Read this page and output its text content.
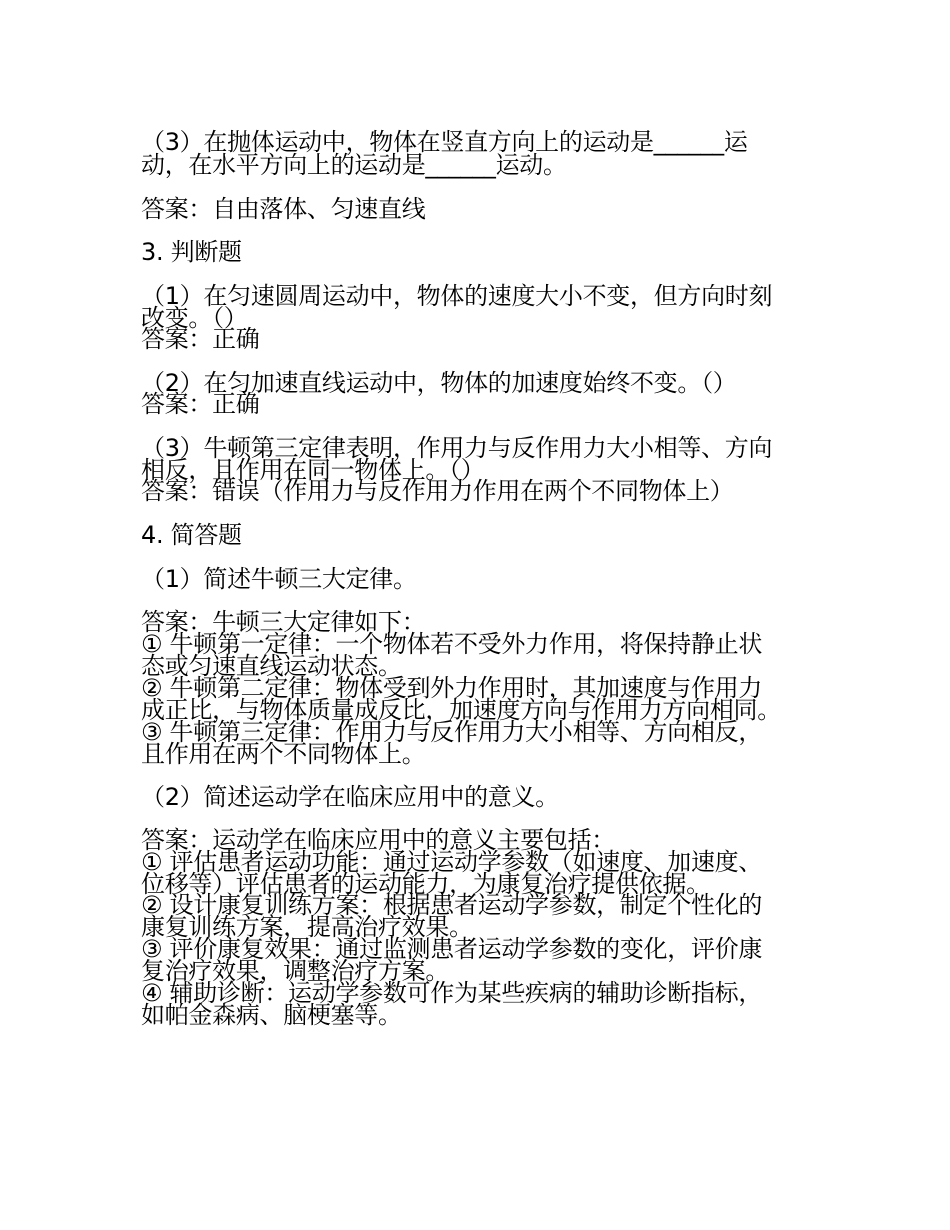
（3）在抛体运动中，物体在竖直方向上的运动是______运
动，在水平方向上的运动是______运动。
答案：自由落体、匀速直线
3. 判断题
（1）在匀速圆周运动中，物体的速度大小不变，但方向时刻
改变。（）
答案：正确
（2）在匀加速直线运动中，物体的加速度始终不变。（）
答案：正确
（3）牛顿第三定律表明，作用力与反作用力大小相等、方向
相反，且作用在同一物体上。（）
答案：错误（作用力与反作用力作用在两个不同物体上）
4. 简答题
（1）简述牛顿三大定律。
答案：牛顿三大定律如下：
① 牛顿第一定律：一个物体若不受外力作用，将保持静止状
态或匀速直线运动状态。
② 牛顿第二定律：物体受到外力作用时，其加速度与作用力
成正比，与物体质量成反比，加速度方向与作用力方向相同。
③ 牛顿第三定律：作用力与反作用力大小相等、方向相反，
且作用在两个不同物体上。
（2）简述运动学在临床应用中的意义。
答案：运动学在临床应用中的意义主要包括：
① 评估患者运动功能：通过运动学参数（如速度、加速度、
位移等）评估患者的运动能力，为康复治疗提供依据。
② 设计康复训练方案：根据患者运动学参数，制定个性化的
康复训练方案，提高治疗效果。
③ 评价康复效果：通过监测患者运动学参数的变化，评价康
复治疗效果，调整治疗方案。
④ 辅助诊断：运动学参数可作为某些疾病的辅助诊断指标，
如帕金森病、脑梗塞等。
